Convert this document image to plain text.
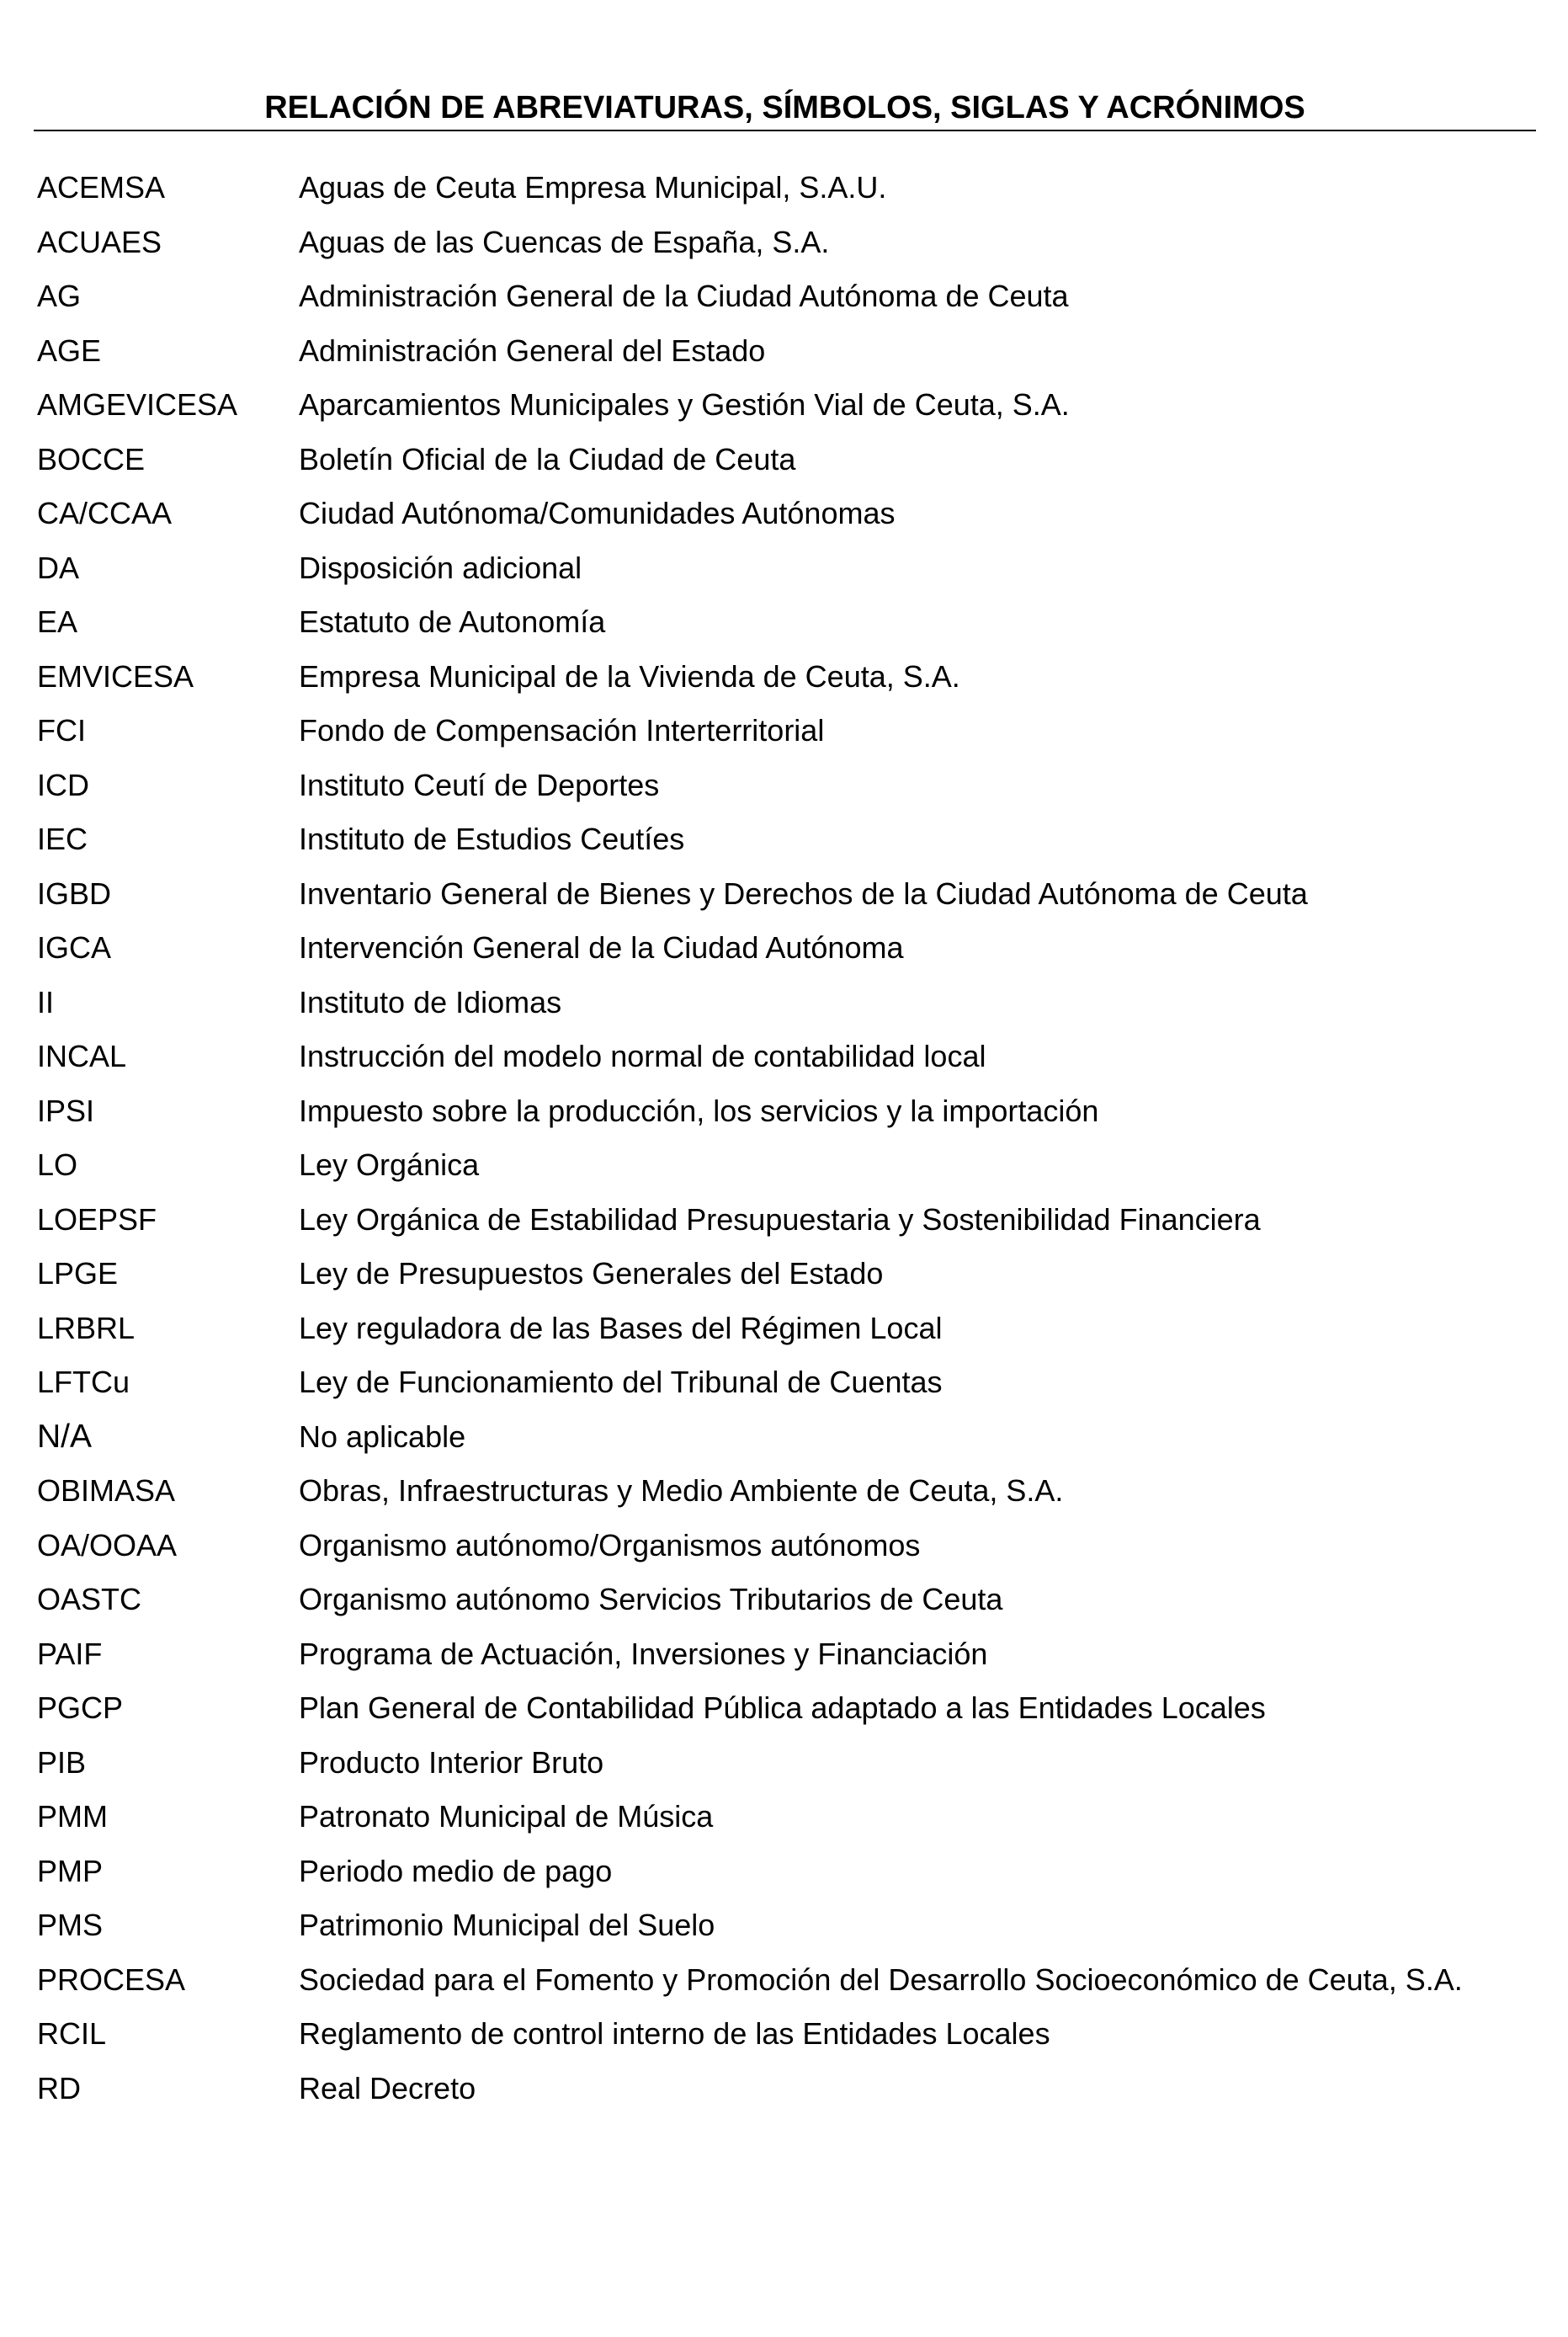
RELACIÓN DE ABREVIATURAS, SÍMBOLOS, SIGLAS Y ACRÓNIMOS
ACEMSA	Aguas de Ceuta Empresa Municipal, S.A.U.
ACUAES	Aguas de las Cuencas de España, S.A.
AG	Administración General de la Ciudad Autónoma de Ceuta
AGE	Administración General del Estado
AMGEVICESA	Aparcamientos Municipales y Gestión Vial de Ceuta, S.A.
BOCCE	Boletín Oficial de la Ciudad de Ceuta
CA/CCAA	Ciudad Autónoma/Comunidades Autónomas
DA	Disposición adicional
EA	Estatuto de Autonomía
EMVICESA	Empresa Municipal de la Vivienda de Ceuta, S.A.
FCI	Fondo de Compensación Interterritorial
ICD	Instituto Ceutí de Deportes
IEC	Instituto de Estudios Ceutíes
IGBD	Inventario General de Bienes y Derechos de la Ciudad Autónoma de Ceuta
IGCA	Intervención General de la Ciudad Autónoma
II	Instituto de Idiomas
INCAL	Instrucción del modelo normal de contabilidad local
IPSI	Impuesto sobre la producción, los servicios y la importación
LO	Ley Orgánica
LOEPSF	Ley Orgánica de Estabilidad Presupuestaria y Sostenibilidad Financiera
LPGE	Ley de Presupuestos Generales del Estado
LRBRL	Ley reguladora de las Bases del Régimen Local
LFTCu	Ley de Funcionamiento del Tribunal de Cuentas
N/A	No aplicable
OBIMASA	Obras, Infraestructuras y Medio Ambiente de Ceuta, S.A.
OA/OOAA	Organismo autónomo/Organismos autónomos
OASTC	Organismo autónomo Servicios Tributarios de Ceuta
PAIF	Programa de Actuación, Inversiones y Financiación
PGCP	Plan General de Contabilidad Pública adaptado a las Entidades Locales
PIB	Producto Interior Bruto
PMM	Patronato Municipal de Música
PMP	Periodo medio de pago
PMS	Patrimonio Municipal del Suelo
PROCESA	Sociedad para el Fomento y Promoción del Desarrollo Socioeconómico de Ceuta, S.A.
RCIL	Reglamento de control interno de las Entidades Locales
RD	Real Decreto
